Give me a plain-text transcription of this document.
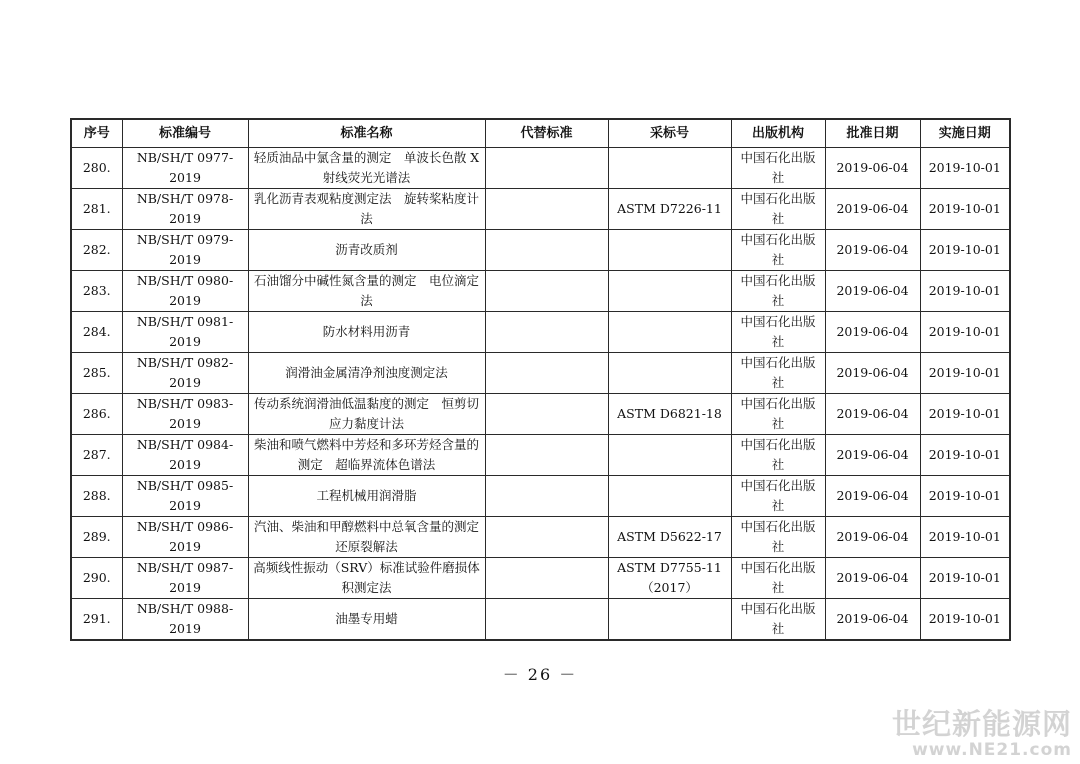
序号	标准编号	标准名称	代替标准	采标号	出版机构	批准日期	实施日期

280.	NB/SH/T 0977-2019	轻质油品中氯含量的测定　单波长色散 X 射线荧光光谱法			中国石化出版社	2019-06-04	2019-10-01

281.	NB/SH/T 0978-2019	乳化沥青表观粘度测定法　旋转桨粘度计法		ASTM D7226-11	中国石化出版社	2019-06-04	2019-10-01

282.	NB/SH/T 0979-2019	沥青改质剂			中国石化出版社	2019-06-04	2019-10-01

283.	NB/SH/T 0980-2019	石油馏分中碱性氮含量的测定　电位滴定法			中国石化出版社	2019-06-04	2019-10-01

284.	NB/SH/T 0981-2019	防水材料用沥青			中国石化出版社	2019-06-04	2019-10-01

285.	NB/SH/T 0982-2019	润滑油金属清净剂浊度测定法			中国石化出版社	2019-06-04	2019-10-01

286.	NB/SH/T 0983-2019	传动系统润滑油低温黏度的测定　恒剪切应力黏度计法		ASTM D6821-18	中国石化出版社	2019-06-04	2019-10-01

287.	NB/SH/T 0984-2019	柴油和喷气燃料中芳烃和多环芳烃含量的测定　超临界流体色谱法			中国石化出版社	2019-06-04	2019-10-01

288.	NB/SH/T 0985-2019	工程机械用润滑脂			中国石化出版社	2019-06-04	2019-10-01

289.	NB/SH/T 0986-2019	汽油、柴油和甲醇燃料中总氧含量的测定　还原裂解法		ASTM D5622-17	中国石化出版社	2019-06-04	2019-10-01

290.	NB/SH/T 0987-2019	高频线性振动（SRV）标准试验件磨损体积测定法		ASTM D7755-11（2017）	中国石化出版社	2019-06-04	2019-10-01

291.	NB/SH/T 0988-2019	油墨专用蜡			中国石化出版社	2019-06-04	2019-10-01
－ 26 －
世纪新能源网
www.NE21.com
